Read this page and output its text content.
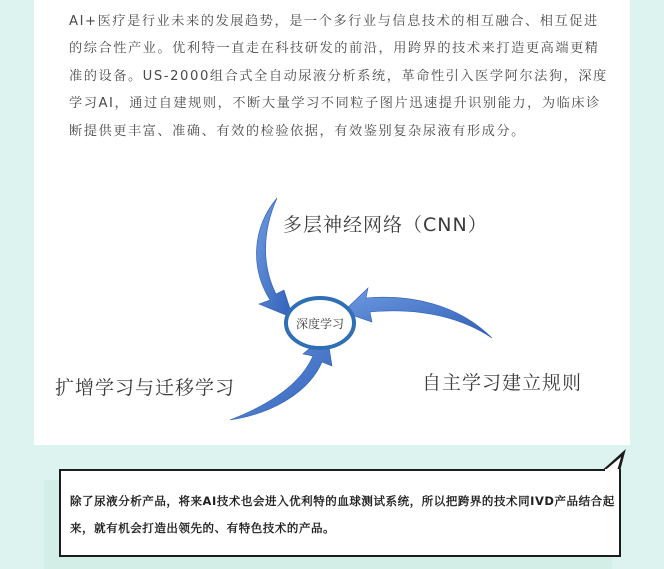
AI+医疗是行业未来的发展趋势，是一个多行业与信息技术的相互融合、相互促进的综合性产业。优利特一直走在科技研发的前沿，用跨界的技术来打造更高端更精准的设备。US-2000组合式全自动尿液分析系统，革命性引入医学阿尔法狗，深度学习AI，通过自建规则，不断大量学习不同粒子图片迅速提升识别能力，为临床诊断提供更丰富、准确、有效的检验依据，有效鉴别复杂尿液有形成分。

深度学习
多层神经网络（CNN）
扩增学习与迁移学习	自主学习建立规则

除了尿液分析产品，将来AI技术也会进入优利特的血球测试系统，所以把跨界的技术同IVD产品结合起来，就有机会打造出领先的、有特色技术的产品。
